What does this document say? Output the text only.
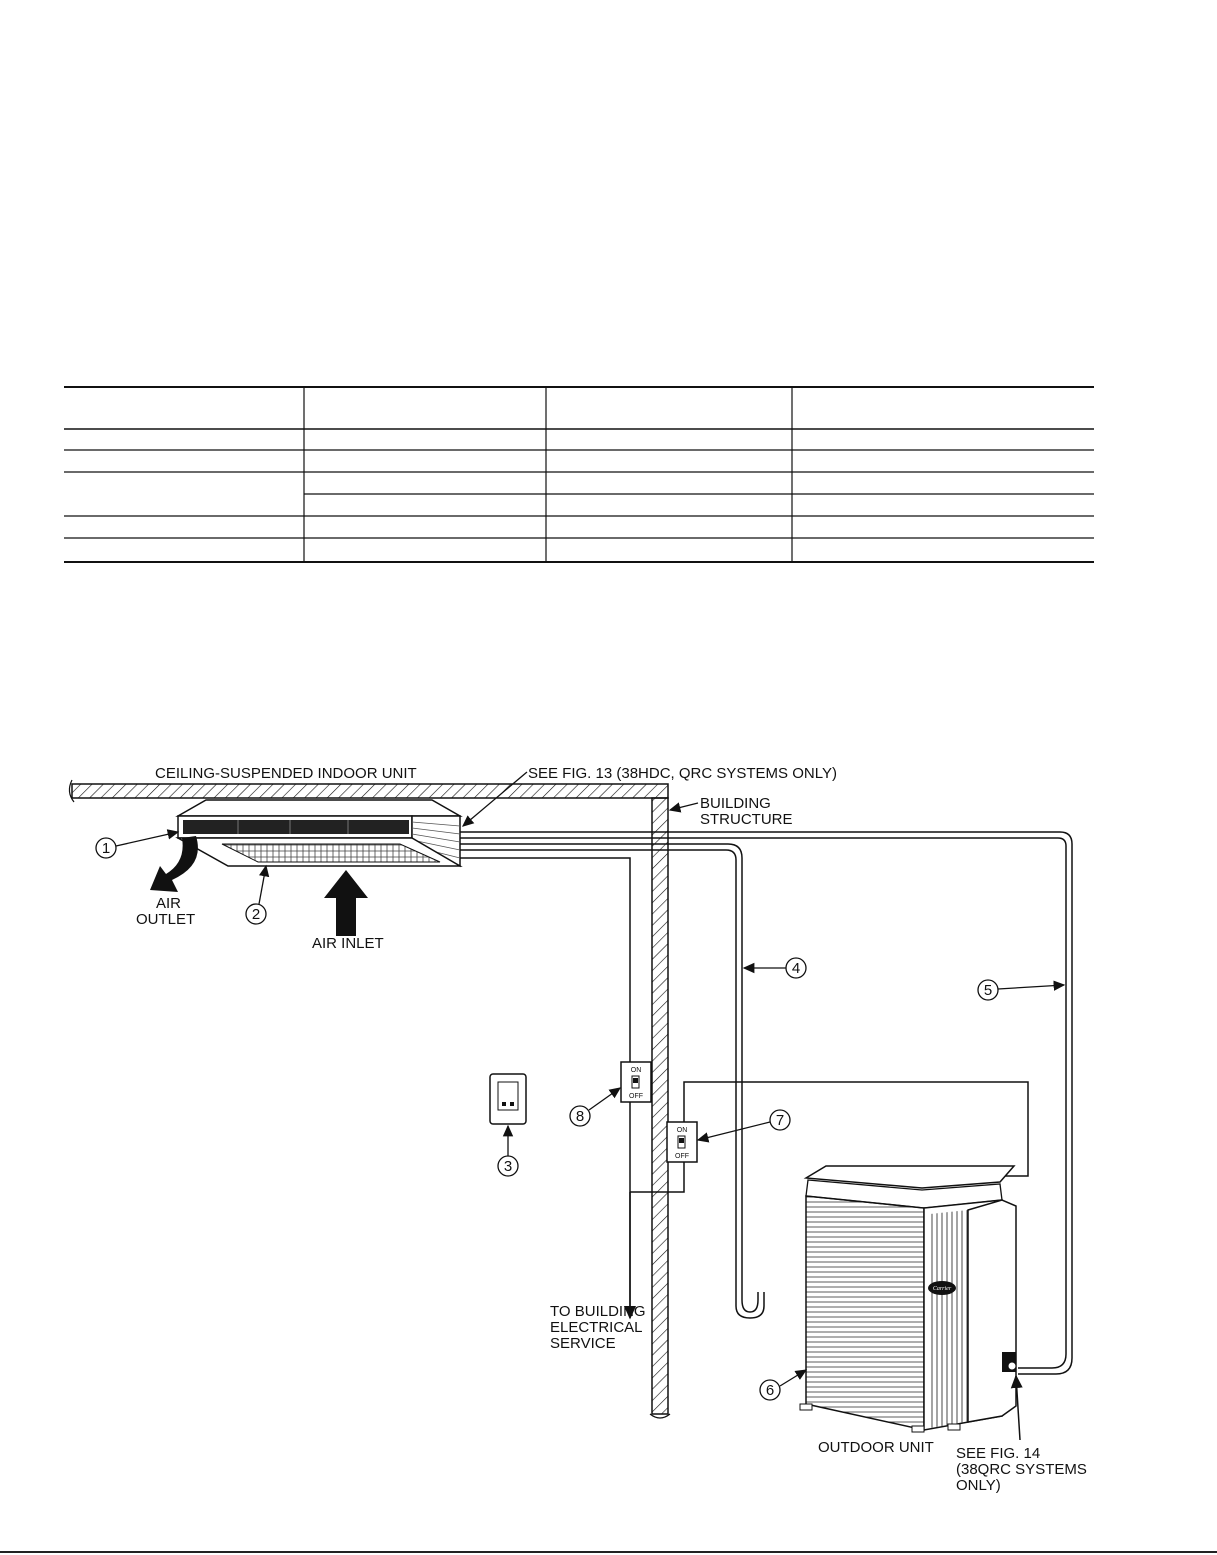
CEILING-SUSPENDED INDOOR UNIT	SEE FIG. 13 (38HDC, QRC SYSTEMS ONLY)
BUILDING
STRUCTURE
AIR
OUTLET
AIR INLET
1
2
4
5
ON
OFF
8
ON
OFF
7
3
TO BUILDING
ELECTRICAL
SERVICE
Carrier
6
OUTDOOR UNIT SEE FIG. 14
(38QRC SYSTEMS
ONLY)
